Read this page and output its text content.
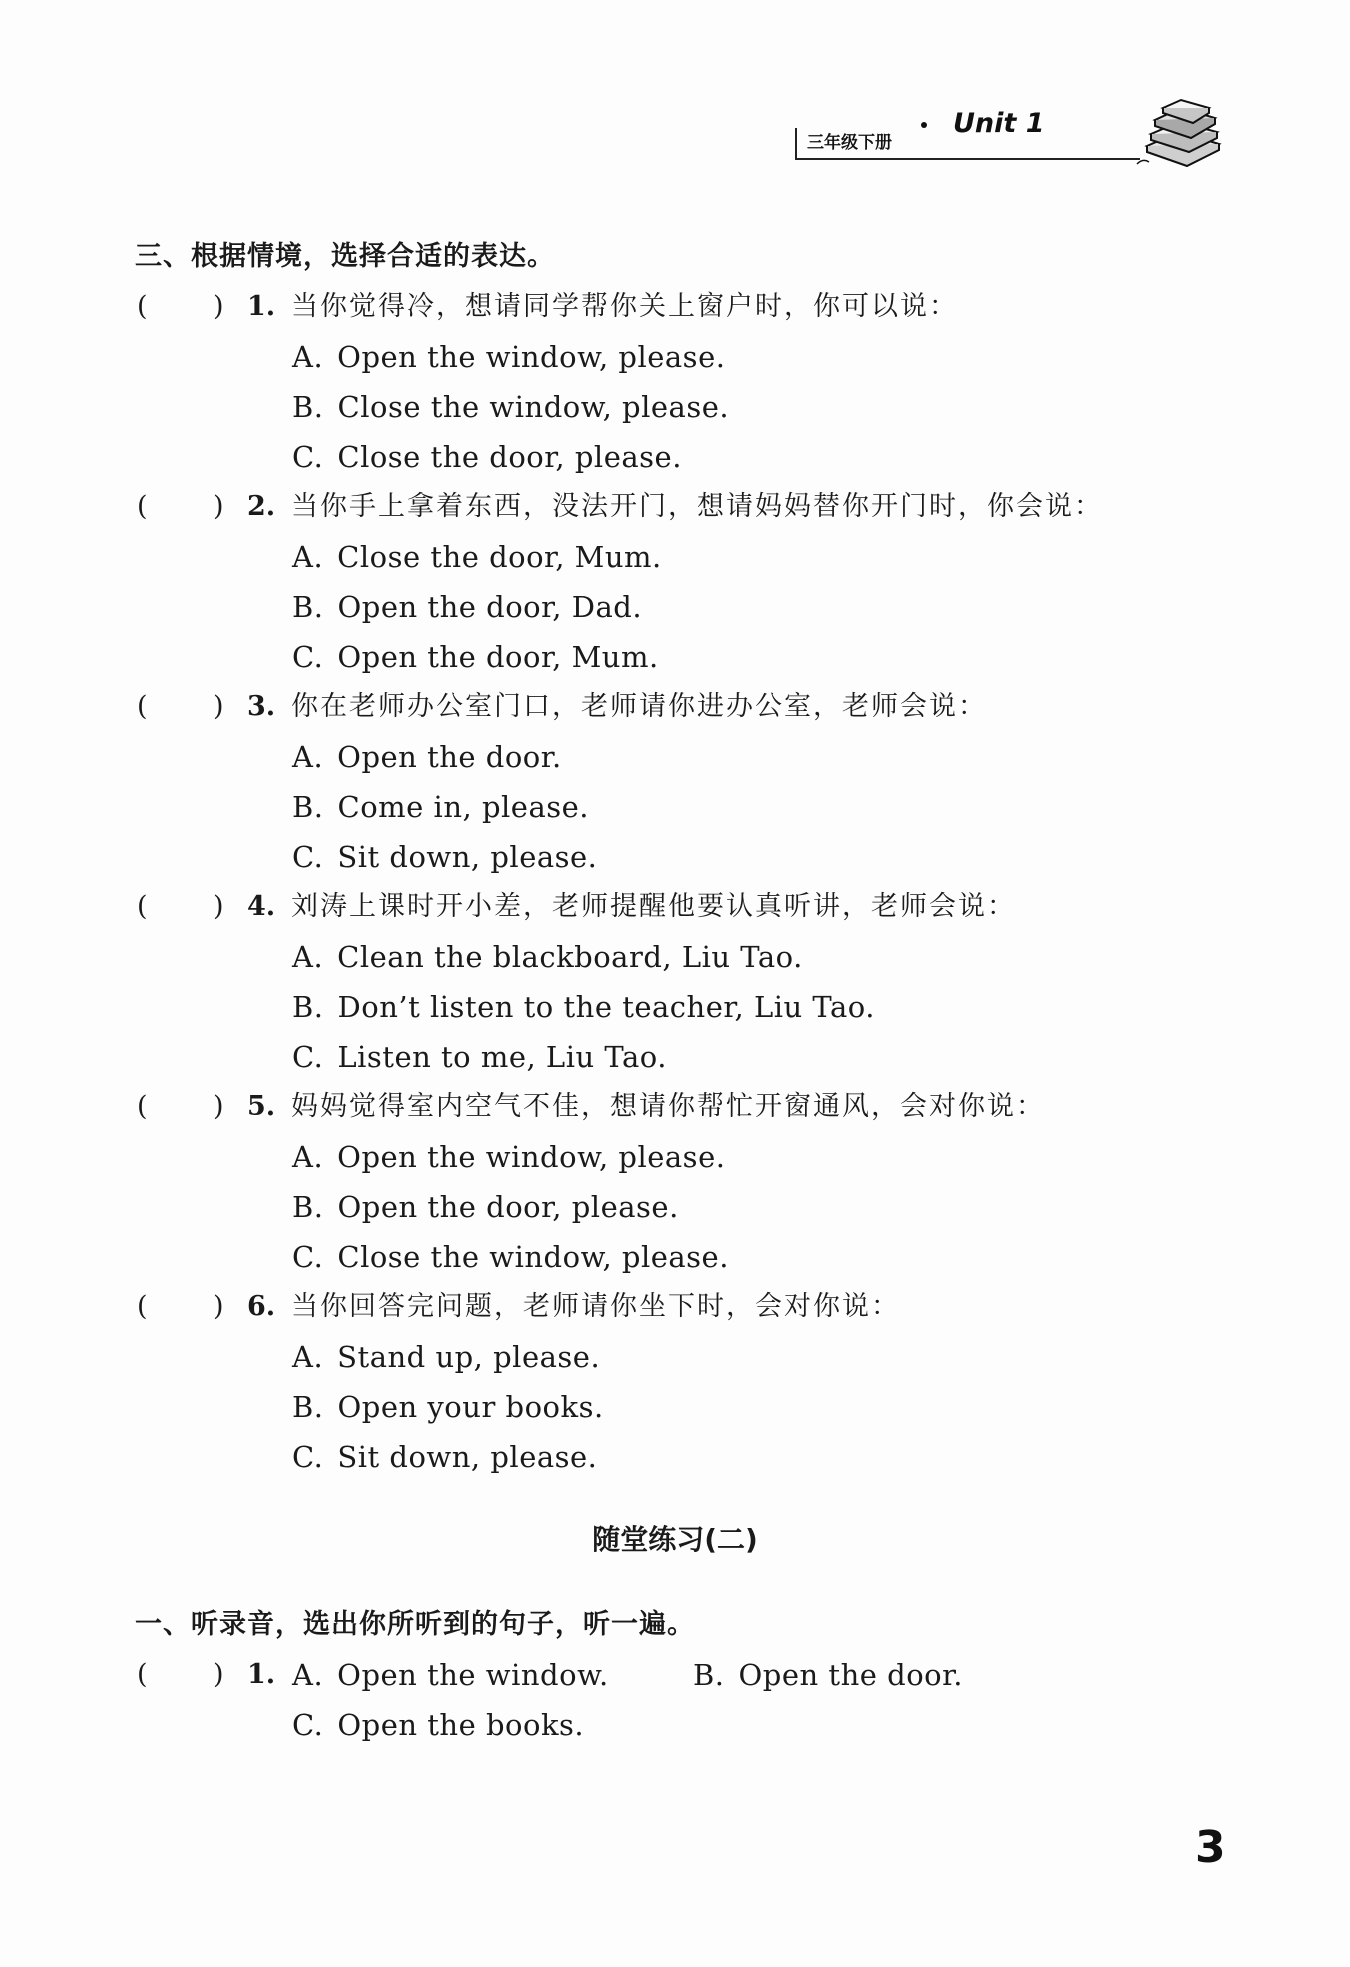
三年级下册
Unit 1
三、根据情境，选择合适的表达。
( ) 1. 当你觉得冷，想请同学帮你关上窗户时，你可以说：
A. Open the window, please.
B. Close the window, please.
C. Close the door, please.
( ) 2. 当你手上拿着东西，没法开门，想请妈妈替你开门时，你会说：
A. Close the door, Mum.
B. Open the door, Dad.
C. Open the door, Mum.
( ) 3. 你在老师办公室门口，老师请你进办公室，老师会说：
A. Open the door.
B. Come in, please.
C. Sit down, please.
( ) 4. 刘涛上课时开小差，老师提醒他要认真听讲，老师会说：
A. Clean the blackboard, Liu Tao.
B. Don’t listen to the teacher, Liu Tao.
C. Listen to me, Liu Tao.
( ) 5. 妈妈觉得室内空气不佳，想请你帮忙开窗通风，会对你说：
A. Open the window, please.
B. Open the door, please.
C. Close the window, please.
( ) 6. 当你回答完问题，老师请你坐下时，会对你说：
A. Stand up, please.
B. Open your books.
C. Sit down, please.
随堂练习(二)
一、听录音，选出你所听到的句子，听一遍。
( ) 1. A. Open the window.	B. Open the door.
C. Open the books.
3
